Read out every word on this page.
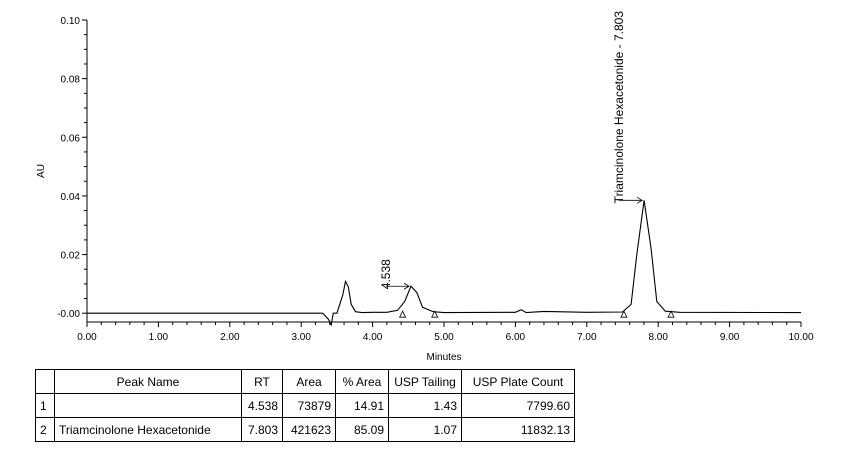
0.00	1.00	2.00	3.00	4.00	5.00	6.00	7.00	8.00	9.00	10.00
-0.00
0.02
0.04
0.06
0.08
0.10
4.538
Triamcinolone Hexacetonide - 7.803
Minutes
AU
	Peak Name	RT	Area	% Area	USP Tailing	USP Plate Count
1		4.538	73879	14.91	1.43	7799.60
2	Triamcinolone Hexacetonide	7.803	421623	85.09	1.07	11832.13
